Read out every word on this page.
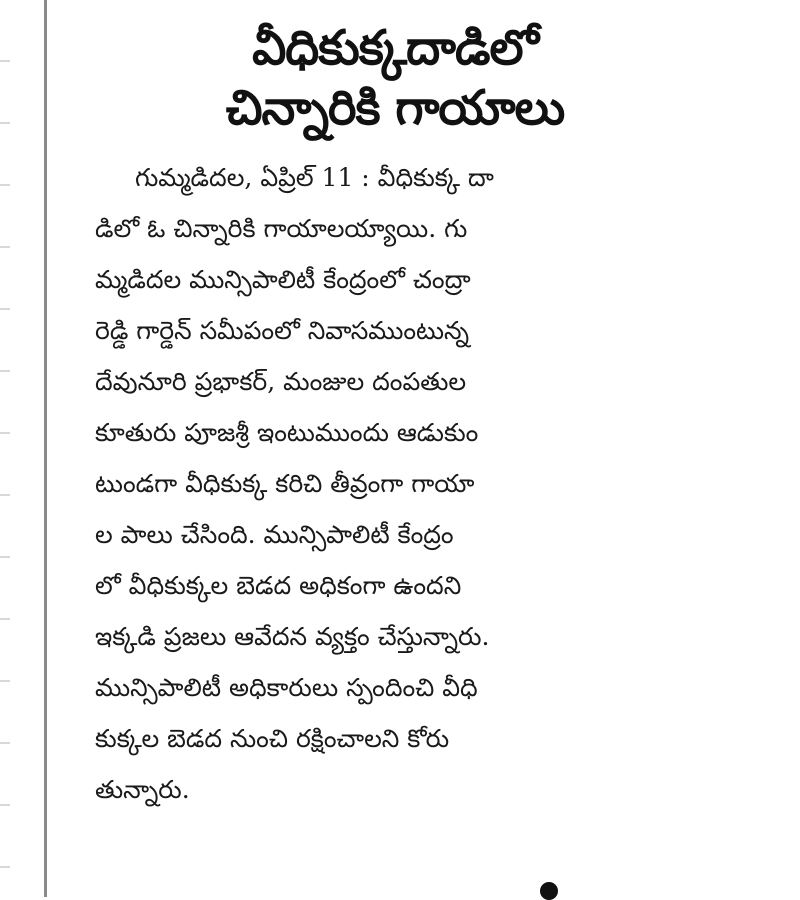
వీధికుక్కదాడిలో
చిన్నారికి గాయాలు

గుమ్మడిదల, ఏప్రిల్ 11 : వీధికుక్క దా
డిలో ఓ చిన్నారికి గాయాలయ్యాయి. గు
మ్మడిదల మున్సిపాలిటీ కేంద్రంలో చంద్రా
రెడ్డి గార్డెన్ సమీపంలో నివాసముంటున్న
దేవునూరి ప్రభాకర్, మంజుల దంపతుల
కూతురు పూజశ్రీ ఇంటుముందు ఆడుకుం
టుండగా వీధికుక్క కరిచి తీవ్రంగా గాయా
ల పాలు చేసింది. మున్సిపాలిటీ కేంద్రం
లో వీధికుక్కల బెడద అధికంగా ఉందని
ఇక్కడి ప్రజలు ఆవేదన వ్యక్తం చేస్తున్నారు.
మున్సిపాలిటీ అధికారులు స్పందించి వీధి
కుక్కల బెడద నుంచి రక్షించాలని కోరు
తున్నారు.
